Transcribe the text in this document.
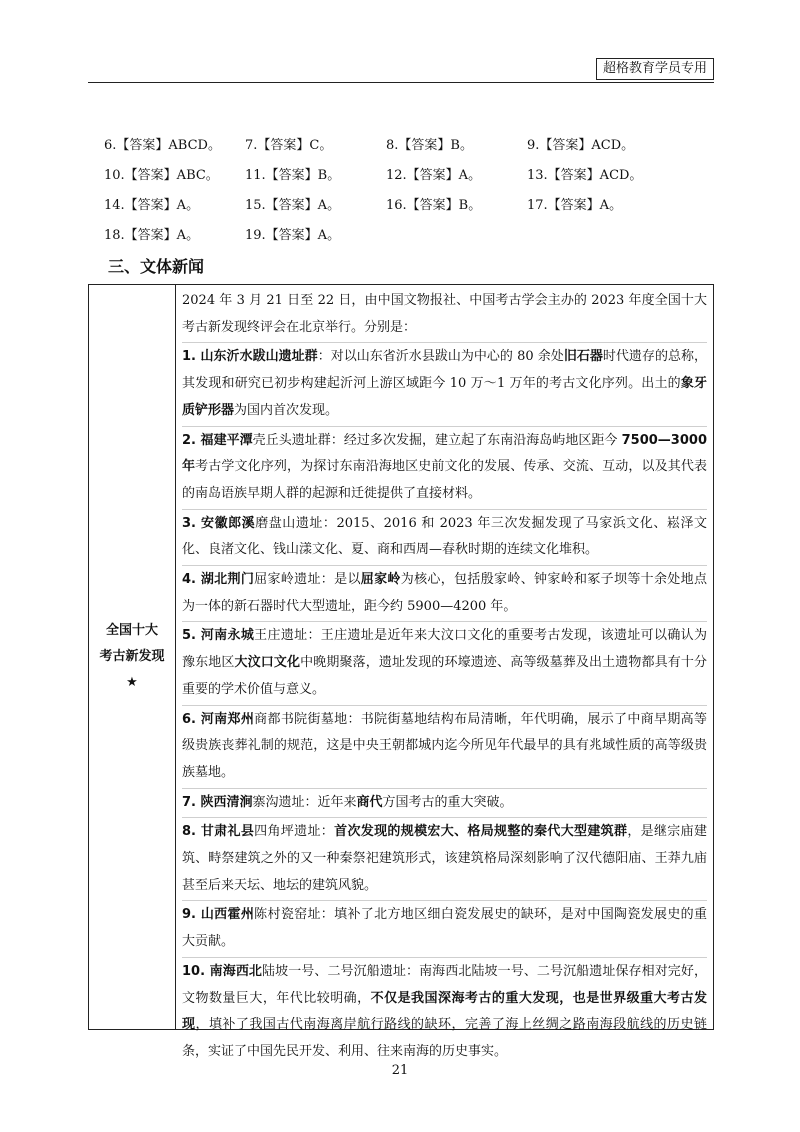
超格教育学员专用
6.【答案】ABCD。	7.【答案】C。	8.【答案】B。	9.【答案】ACD。
10.【答案】ABC。	11.【答案】B。	12.【答案】A。	13.【答案】ACD。
14.【答案】A。	15.【答案】A。	16.【答案】B。	17.【答案】A。
18.【答案】A。	19.【答案】A。
三、文体新闻
全国十大
考古新发现
★
2024 年 3 月 21 日至 22 日，由中国文物报社、中国考古学会主办的 2023 年度全国十大考古新发现终评会在北京举行。分别是：
1. 山东沂水跋山遗址群：对以山东省沂水县跋山为中心的 80 余处旧石器时代遗存的总称，其发现和研究已初步构建起沂河上游区域距今 10 万～1 万年的考古文化序列。出土的象牙质铲形器为国内首次发现。
2. 福建平潭壳丘头遗址群：经过多次发掘，建立起了东南沿海岛屿地区距今 7500—3000 年考古学文化序列，为探讨东南沿海地区史前文化的发展、传承、交流、互动，以及其代表的南岛语族早期人群的起源和迁徙提供了直接材料。
3. 安徽郎溪磨盘山遗址：2015、2016 和 2023 年三次发掘发现了马家浜文化、崧泽文化、良渚文化、钱山漾文化、夏、商和西周—春秋时期的连续文化堆积。
4. 湖北荆门屈家岭遗址：是以屈家岭为核心，包括殷家岭、钟家岭和冢子坝等十余处地点为一体的新石器时代大型遗址，距今约 5900—4200 年。
5. 河南永城王庄遗址：王庄遗址是近年来大汶口文化的重要考古发现，该遗址可以确认为豫东地区大汶口文化中晚期聚落，遗址发现的环壕遗迹、高等级墓葬及出土遗物都具有十分重要的学术价值与意义。
6. 河南郑州商都书院街墓地：书院街墓地结构布局清晰，年代明确，展示了中商早期高等级贵族丧葬礼制的规范，这是中央王朝都城内迄今所见年代最早的具有兆域性质的高等级贵族墓地。
7. 陕西清涧寨沟遗址：近年来商代方国考古的重大突破。
8. 甘肃礼县四角坪遗址：首次发现的规模宏大、格局规整的秦代大型建筑群，是继宗庙建筑、畤祭建筑之外的又一种秦祭祀建筑形式，该建筑格局深刻影响了汉代德阳庙、王莽九庙甚至后来天坛、地坛的建筑风貌。
9. 山西霍州陈村瓷窑址：填补了北方地区细白瓷发展史的缺环，是对中国陶瓷发展史的重大贡献。
10. 南海西北陆坡一号、二号沉船遗址：南海西北陆坡一号、二号沉船遗址保存相对完好，文物数量巨大，年代比较明确，不仅是我国深海考古的重大发现，也是世界级重大考古发现，填补了我国古代南海离岸航行路线的缺环，完善了海上丝绸之路南海段航线的历史链条，实证了中国先民开发、利用、往来南海的历史事实。
21
